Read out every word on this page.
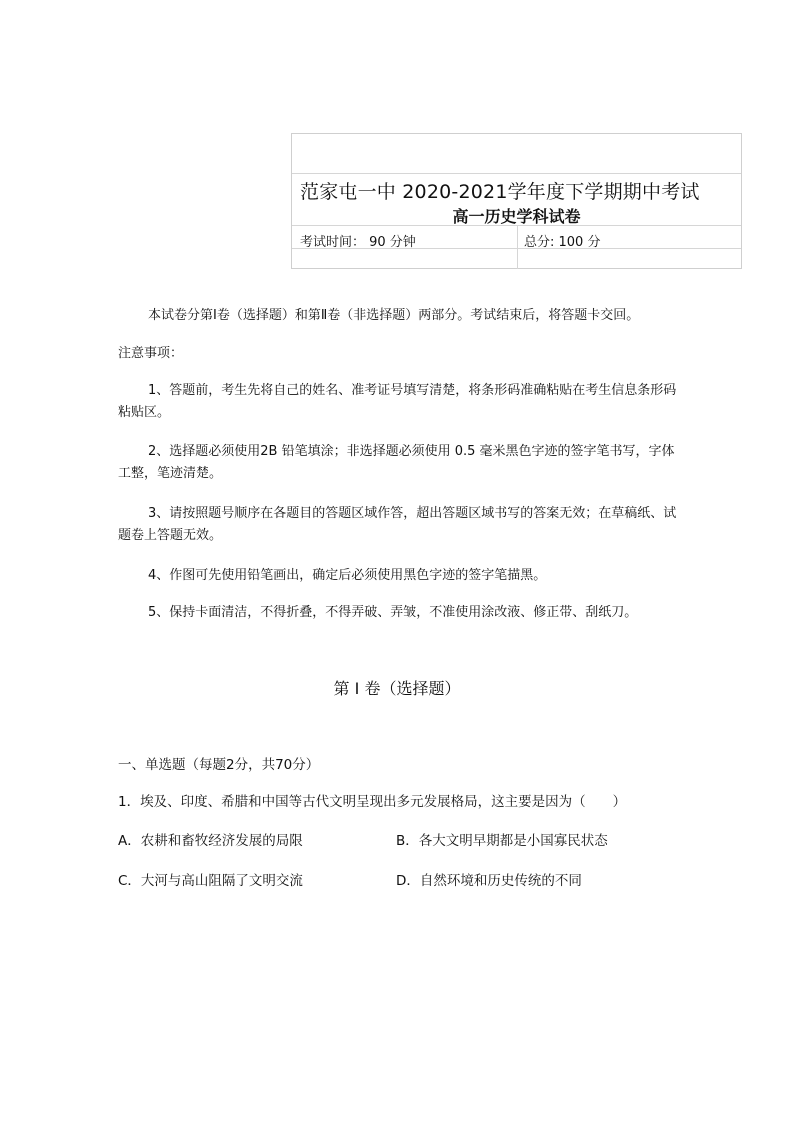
范家屯一中 2020-2021学年度下学期期中考试
高一历史学科试卷
考试时间： 90 分钟	总分: 100 分
本试卷分第Ⅰ卷（选择题）和第Ⅱ卷（非选择题）两部分。考试结束后，将答题卡交回。
注意事项：
1、答题前，考生先将自己的姓名、准考证号填写清楚，将条形码准确粘贴在考生信息条形码粘贴区。
2、选择题必须使用2B 铅笔填涂；非选择题必须使用 0.5 毫米黑色字迹的签字笔书写，字体工整，笔迹清楚。
3、请按照题号顺序在各题目的答题区域作答，超出答题区域书写的答案无效；在草稿纸、试题卷上答题无效。
4、作图可先使用铅笔画出，确定后必须使用黑色字迹的签字笔描黑。
5、保持卡面清洁，不得折叠，不得弄破、弄皱，不准使用涂改液、修正带、刮纸刀。
第 Ⅰ 卷（选择题）
一、单选题（每题2分，共70分）
1．埃及、印度、希腊和中国等古代文明呈现出多元发展格局，这主要是因为（　　）
A．农耕和畜牧经济发展的局限	B．各大文明早期都是小国寡民状态
C．大河与高山阻隔了文明交流	D．自然环境和历史传统的不同
